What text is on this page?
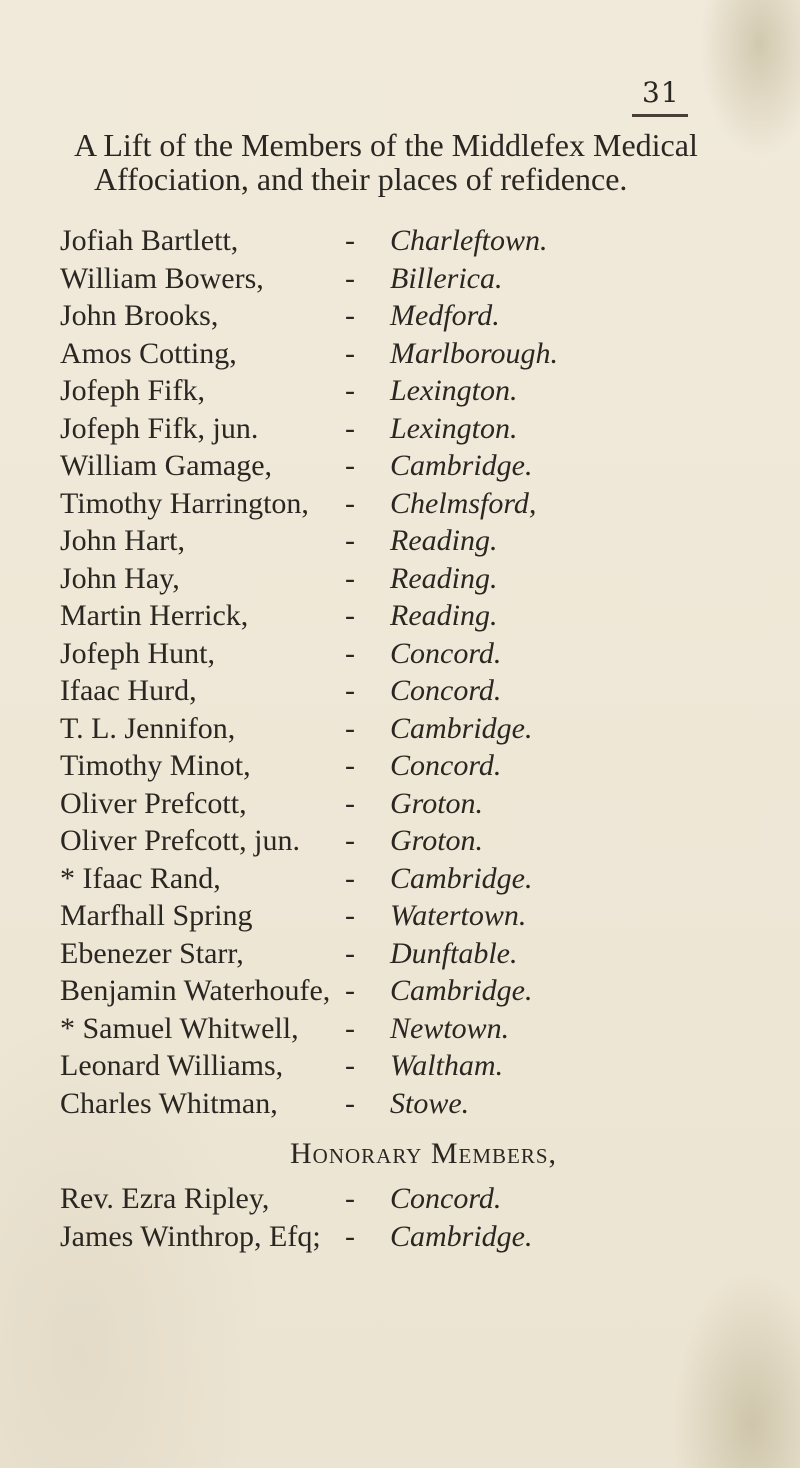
31
A Lift of the Members of the Middlefex Medical
Affociation, and their places of refidence.
Jofiah Bartlett,	- Charleftown.
William Bowers,	- Billerica.
John Brooks,	- Medford.
Amos Cotting,	- Marlborough.
Jofeph Fifk,	- Lexington.
Jofeph Fifk, jun.	- Lexington.
William Gamage, - Cambridge.
Timothy Harrington, - Chelmsford,
John Hart,	- Reading.
John Hay,	- Reading.
Martin Herrick,	- Reading.
Jofeph Hunt,	- Concord.
Ifaac Hurd,	- Concord.
T. L. Jennifon,	- Cambridge.
Timothy Minot,	- Concord.
Oliver Prefcott,	- Groton.
Oliver Prefcott, jun. - Groton.
* Ifaac Rand,	- Cambridge.
Marfhall Spring	- Watertown.
Ebenezer Starr,	- Dunftable.
Benjamin Waterhoufe, - Cambridge.
* Samuel Whitwell, - Newtown.
Leonard Williams, - Waltham.
Charles Whitman, - Stowe.
Honorary Members,
Rev. Ezra Ripley,	- Concord.
James Winthrop, Efq; - Cambridge.
